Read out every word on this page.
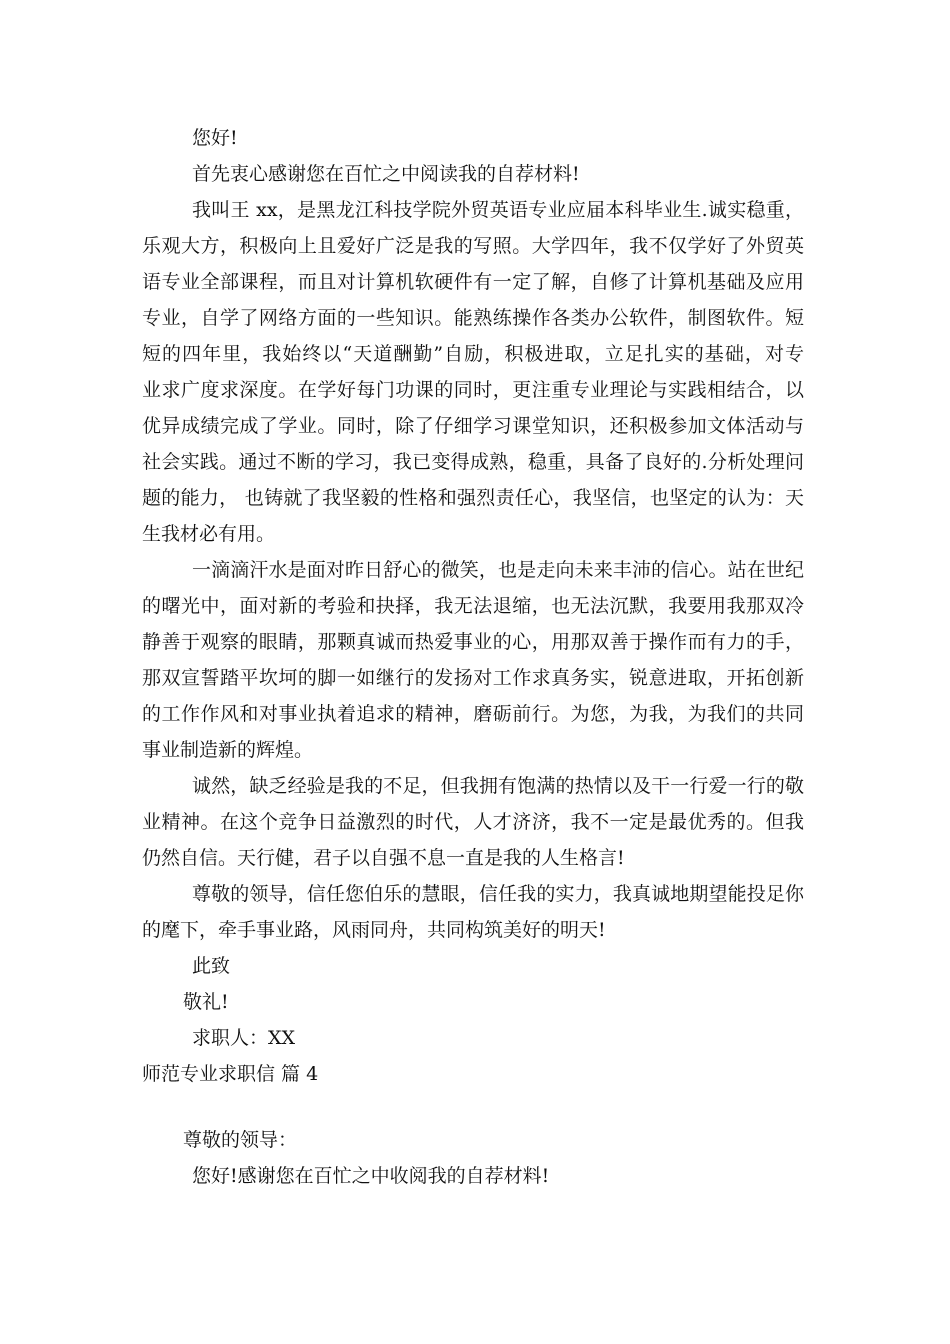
您好!

首先衷心感谢您在百忙之中阅读我的自荐材料!

我叫王 xx，是黑龙江科技学院外贸英语专业应届本科毕业生.诚实稳重，

乐观大方，积极向上且爱好广泛是我的写照。大学四年，我不仅学好了外贸英

语专业全部课程，而且对计算机软硬件有一定了解，自修了计算机基础及应用

专业，自学了网络方面的一些知识。能熟练操作各类办公软件，制图软件。短

短的四年里，我始终以“天道酬勤”自励，积极进取，立足扎实的基础，对专

业求广度求深度。在学好每门功课的同时，更注重专业理论与实践相结合，以

优异成绩完成了学业。同时，除了仔细学习课堂知识，还积极参加文体活动与

社会实践。通过不断的学习，我已变得成熟，稳重，具备了良好的.分析处理问

题的能力， 也铸就了我坚毅的性格和强烈责任心，我坚信，也坚定的认为：天

生我材必有用。

一滴滴汗水是面对昨日舒心的微笑，也是走向未来丰沛的信心。站在世纪

的曙光中，面对新的考验和抉择，我无法退缩，也无法沉默，我要用我那双冷

静善于观察的眼睛，那颗真诚而热爱事业的心，用那双善于操作而有力的手，

那双宣誓踏平坎坷的脚一如继行的发扬对工作求真务实，锐意进取，开拓创新

的工作作风和对事业执着追求的精神，磨砺前行。为您，为我，为我们的共同

事业制造新的辉煌。

诚然，缺乏经验是我的不足，但我拥有饱满的热情以及干一行爱一行的敬

业精神。在这个竞争日益激烈的时代，人才济济，我不一定是最优秀的。但我

仍然自信。天行健，君子以自强不息一直是我的人生格言!

尊敬的领导，信任您伯乐的慧眼，信任我的实力，我真诚地期望能投足你

的麾下，牵手事业路，风雨同舟，共同构筑美好的明天!

此致

敬礼!

求职人：XX

师范专业求职信 篇 4

尊敬的领导：

您好!感谢您在百忙之中收阅我的自荐材料!
